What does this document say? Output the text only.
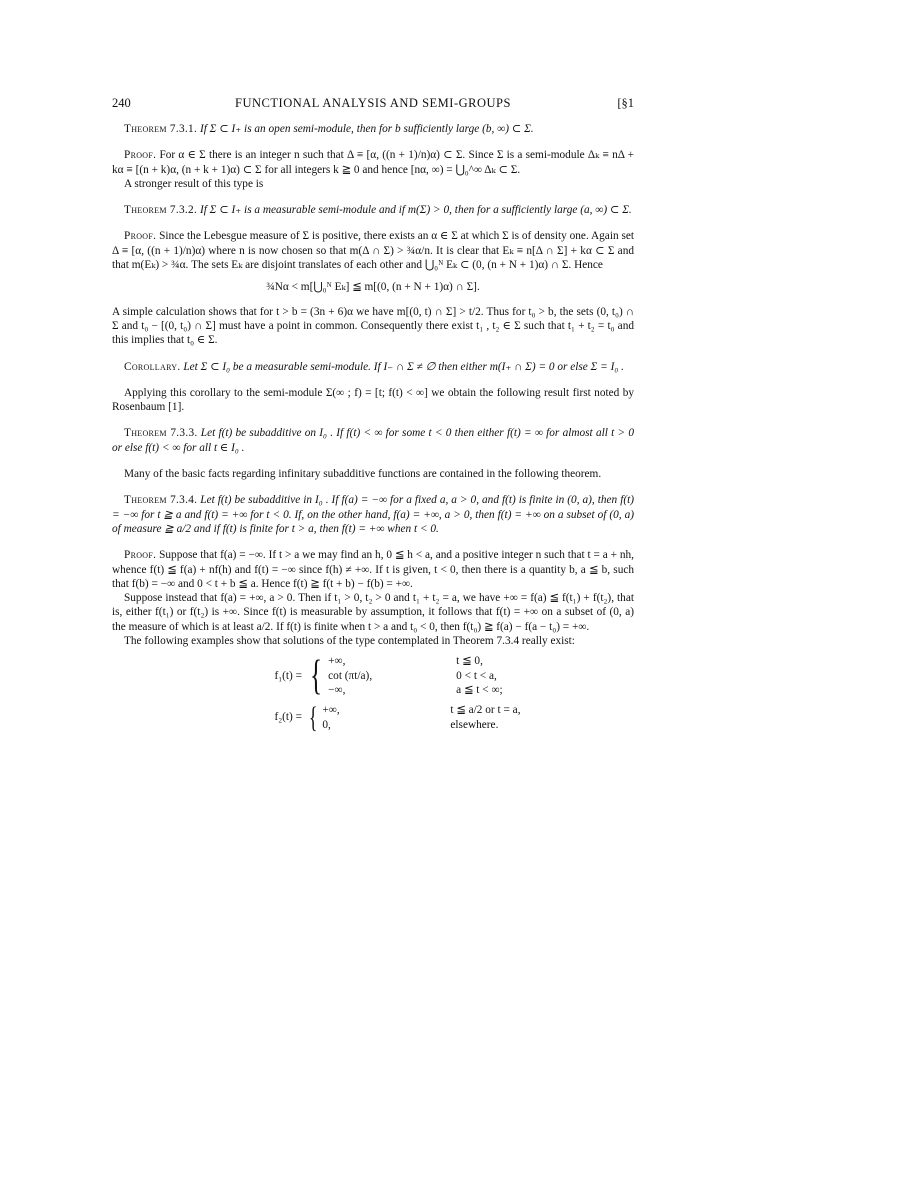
240	FUNCTIONAL ANALYSIS AND SEMI-GROUPS	[§1

Theorem 7.3.1. If Σ ⊂ I₊ is an open semi-module, then for b sufficiently large (b, ∞) ⊂ Σ.

Proof. For α ∈ Σ there is an integer n such that Δ ≡ [α, ((n + 1)/n)α) ⊂ Σ. Since Σ is a semi-module Δₖ ≡ nΔ + kα ≡ [(n + k)α, (n + k + 1)α) ⊂ Σ for all integers k ≧ 0 and hence [nα, ∞) = ⋃₀^∞ Δₖ ⊂ Σ.

A stronger result of this type is

Theorem 7.3.2. If Σ ⊂ I₊ is a measurable semi-module and if m(Σ) > 0, then for a sufficiently large (a, ∞) ⊂ Σ.

Proof. Since the Lebesgue measure of Σ is positive, there exists an α ∈ Σ at which Σ is of density one. Again set Δ ≡ [α, ((n + 1)/n)α) where n is now chosen so that m(Δ ∩ Σ) > ¾α/n. It is clear that Eₖ ≡ n[Δ ∩ Σ] + kα ⊂ Σ and that m(Eₖ) > ¾α. The sets Eₖ are disjoint translates of each other and ⋃₀ᴺ Eₖ ⊂ (0, (n + N + 1)α) ∩ Σ. Hence

¾Nα < m[⋃₀ᴺ Eₖ] ≦ m[(0, (n + N + 1)α) ∩ Σ].

A simple calculation shows that for t > b = (3n + 6)α we have m[(0, t) ∩ Σ] > t/2. Thus for t₀ > b, the sets (0, t₀) ∩ Σ and t₀ − [(0, t₀) ∩ Σ] must have a point in common. Consequently there exist t₁ , t₂ ∈ Σ such that t₁ + t₂ = t₀ and this implies that t₀ ∈ Σ.

Corollary. Let Σ ⊂ I₀ be a measurable semi-module. If I₋ ∩ Σ ≠ ∅ then either m(I₊ ∩ Σ) = 0 or else Σ = I₀ .

Applying this corollary to the semi-module Σ(∞ ; f) = [t; f(t) < ∞] we obtain the following result first noted by Rosenbaum [1].

Theorem 7.3.3. Let f(t) be subadditive on I₀ . If f(t) < ∞ for some t < 0 then either f(t) = ∞ for almost all t > 0 or else f(t) < ∞ for all t ∈ I₀ .

Many of the basic facts regarding infinitary subadditive functions are contained in the following theorem.

Theorem 7.3.4. Let f(t) be subadditive in I₀ . If f(a) = −∞ for a fixed a, a > 0, and f(t) is finite in (0, a), then f(t) = −∞ for t ≧ a and f(t) = +∞ for t < 0. If, on the other hand, f(a) = +∞, a > 0, then f(t) = +∞ on a subset of (0, a) of measure ≧ a/2 and if f(t) is finite for t > a, then f(t) = +∞ when t < 0.

Proof. Suppose that f(a) = −∞. If t > a we may find an h, 0 ≦ h < a, and a positive integer n such that t = a + nh, whence f(t) ≦ f(a) + nf(h) and f(t) = −∞ since f(h) ≠ +∞. If t is given, t < 0, then there is a quantity b, a ≦ b, such that f(b) = −∞ and 0 < t + b ≦ a. Hence f(t) ≧ f(t + b) − f(b) = +∞.

Suppose instead that f(a) = +∞, a > 0. Then if t₁ > 0, t₂ > 0 and t₁ + t₂ = a, we have +∞ = f(a) ≦ f(t₁) + f(t₂), that is, either f(t₁) or f(t₂) is +∞. Since f(t) is measurable by assumption, it follows that f(t) = +∞ on a subset of (0, a) the measure of which is at least a/2. If f(t) is finite when t > a and t₀ < 0, then f(t₀) ≧ f(a) − f(a − t₀) = +∞.

The following examples show that solutions of the type contemplated in Theorem 7.3.4 really exist:

f₁(t) = { +∞,	t ≦ 0,
cot (πt/a),	0 < t < a,
−∞,	a ≦ t < ∞;
f₂(t) = { +∞,	t ≦ a/2 or t = a,
0,	elsewhere.
